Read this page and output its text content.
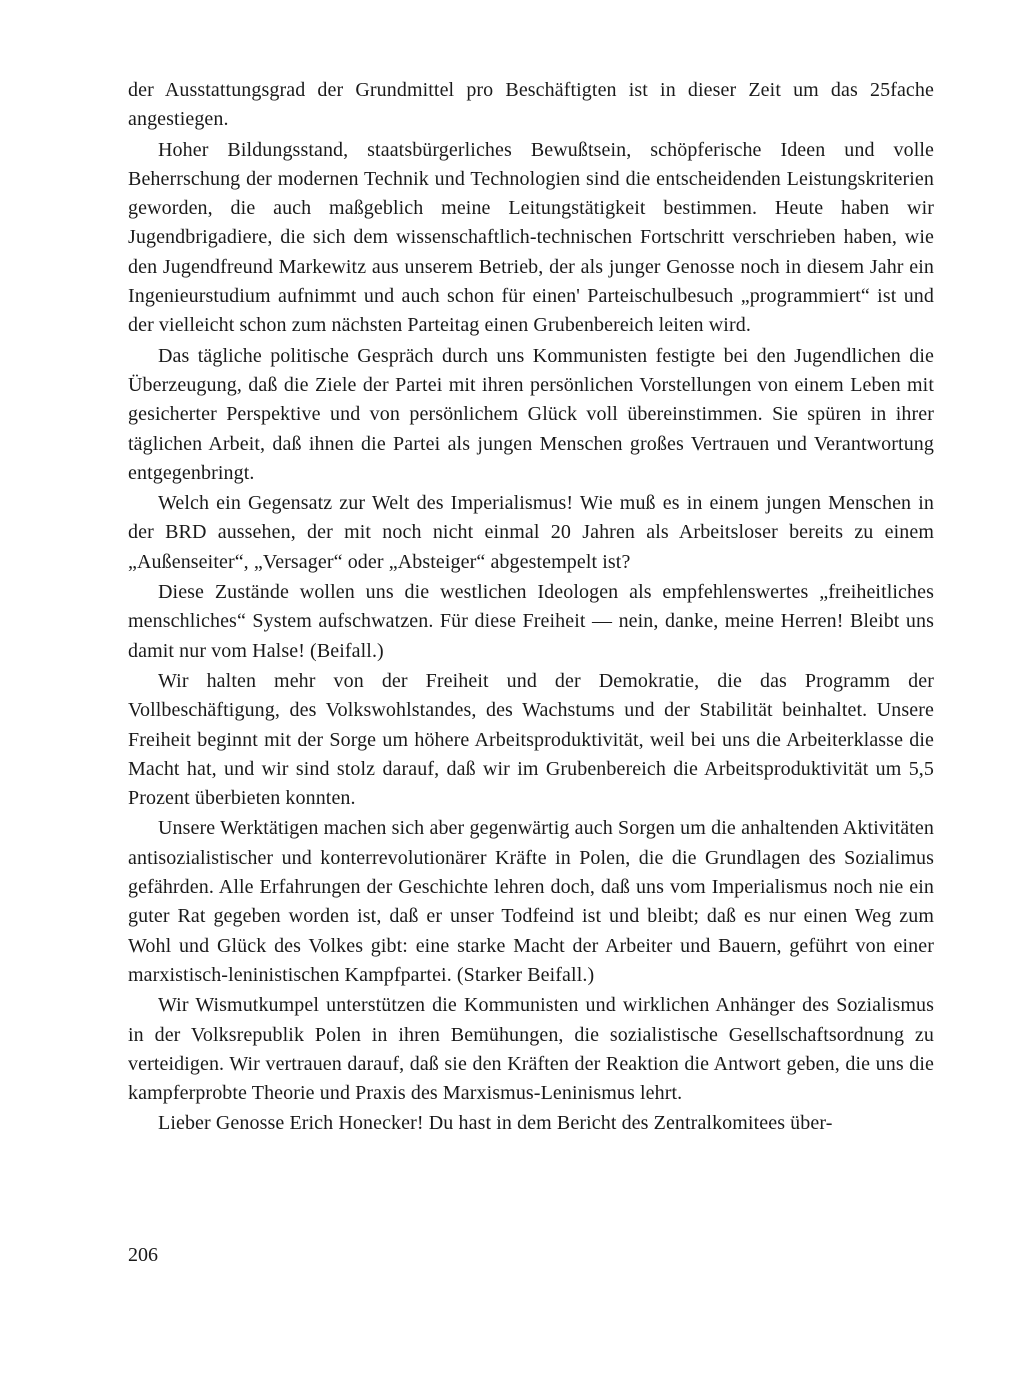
der Ausstattungsgrad der Grundmittel pro Beschäftigten ist in dieser Zeit um das 25fache angestiegen.

Hoher Bildungsstand, staatsbürgerliches Bewußtsein, schöpferische Ideen und volle Beherrschung der modernen Technik und Technologien sind die entscheidenden Leistungskriterien geworden, die auch maßgeblich meine Leitungstätigkeit bestimmen. Heute haben wir Jugendbrigadiere, die sich dem wissenschaftlich-technischen Fortschritt verschrieben haben, wie den Jugendfreund Markewitz aus unserem Betrieb, der als junger Genosse noch in diesem Jahr ein Ingenieurstudium aufnimmt und auch schon für einen' Parteischulbesuch „programmiert“ ist und der vielleicht schon zum nächsten Parteitag einen Grubenbereich leiten wird.

Das tägliche politische Gespräch durch uns Kommunisten festigte bei den Jugendlichen die Überzeugung, daß die Ziele der Partei mit ihren persönlichen Vorstellungen von einem Leben mit gesicherter Perspektive und von persönlichem Glück voll übereinstimmen. Sie spüren in ihrer täglichen Arbeit, daß ihnen die Partei als jungen Menschen großes Vertrauen und Verantwortung entgegenbringt.

Welch ein Gegensatz zur Welt des Imperialismus! Wie muß es in einem jungen Menschen in der BRD aussehen, der mit noch nicht einmal 20 Jahren als Arbeitsloser bereits zu einem „Außenseiter“, „Versager“ oder „Absteiger“ abgestempelt ist?

Diese Zustände wollen uns die westlichen Ideologen als empfehlenswertes „freiheitliches menschliches“ System aufschwatzen. Für diese Freiheit — nein, danke, meine Herren! Bleibt uns damit nur vom Halse! (Beifall.)

Wir halten mehr von der Freiheit und der Demokratie, die das Programm der Vollbeschäftigung, des Volkswohlstandes, des Wachstums und der Stabilität beinhaltet. Unsere Freiheit beginnt mit der Sorge um höhere Arbeitsproduktivität, weil bei uns die Arbeiterklasse die Macht hat, und wir sind stolz darauf, daß wir im Grubenbereich die Arbeitsproduktivität um 5,5 Prozent überbieten konnten.

Unsere Werktätigen machen sich aber gegenwärtig auch Sorgen um die anhaltenden Aktivitäten antisozialistischer und konterrevolutionärer Kräfte in Polen, die die Grundlagen des Sozialimus gefährden. Alle Erfahrungen der Geschichte lehren doch, daß uns vom Imperialismus noch nie ein guter Rat gegeben worden ist, daß er unser Todfeind ist und bleibt; daß es nur einen Weg zum Wohl und Glück des Volkes gibt: eine starke Macht der Arbeiter und Bauern, geführt von einer marxistisch-leninistischen Kampfpartei. (Starker Beifall.)

Wir Wismutkumpel unterstützen die Kommunisten und wirklichen Anhänger des Sozialismus in der Volksrepublik Polen in ihren Bemühungen, die sozialistische Gesellschaftsordnung zu verteidigen. Wir vertrauen darauf, daß sie den Kräften der Reaktion die Antwort geben, die uns die kampferprobte Theorie und Praxis des Marxismus-Leninismus lehrt.

Lieber Genosse Erich Honecker! Du hast in dem Bericht des Zentralkomitees über-

206
